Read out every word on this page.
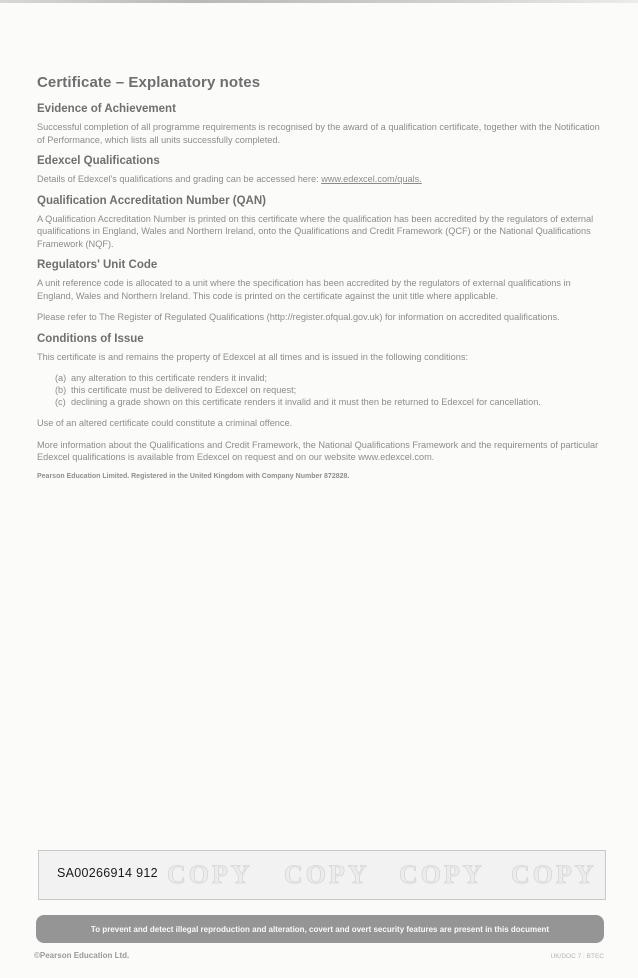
Certificate – Explanatory notes
Evidence of Achievement

Successful completion of all programme requirements is recognised by the award of a qualification certificate, together with the Notification of Performance, which lists all units successfully completed.

Edexcel Qualifications

Details of Edexcel's qualifications and grading can be accessed here: www.edexcel.com/quals.

Qualification Accreditation Number (QAN)

A Qualification Accreditation Number is printed on this certificate where the qualification has been accredited by the regulators of external qualifications in England, Wales and Northern Ireland, onto the Qualifications and Credit Framework (QCF) or the National Qualifications Framework (NQF).

Regulators' Unit Code

A unit reference code is allocated to a unit where the specification has been accredited by the regulators of external qualifications in England, Wales and Northern Ireland. This code is printed on the certificate against the unit title where applicable.

Please refer to The Register of Regulated Qualifications (http://register.ofqual.gov.uk) for information on accredited qualifications.

Conditions of Issue

This certificate is and remains the property of Edexcel at all times and is issued in the following conditions:

(a) any alteration to this certificate renders it invalid;
(b) this certificate must be delivered to Edexcel on request;
(c) declining a grade shown on this certificate renders it invalid and it must then be returned to Edexcel for cancellation.

Use of an altered certificate could constitute a criminal offence.

More information about the Qualifications and Credit Framework, the National Qualifications Framework and the requirements of particular Edexcel qualifications is available from Edexcel on request and on our website www.edexcel.com.

Pearson Education Limited. Registered in the United Kingdom with Company Number 872828.
SA00266914 912 COPY COPY COPY COPY
To prevent and detect illegal reproduction and alteration, covert and overt security features are present in this document
©Pearson Education Ltd.	UK/DOC 7 : BTEC
